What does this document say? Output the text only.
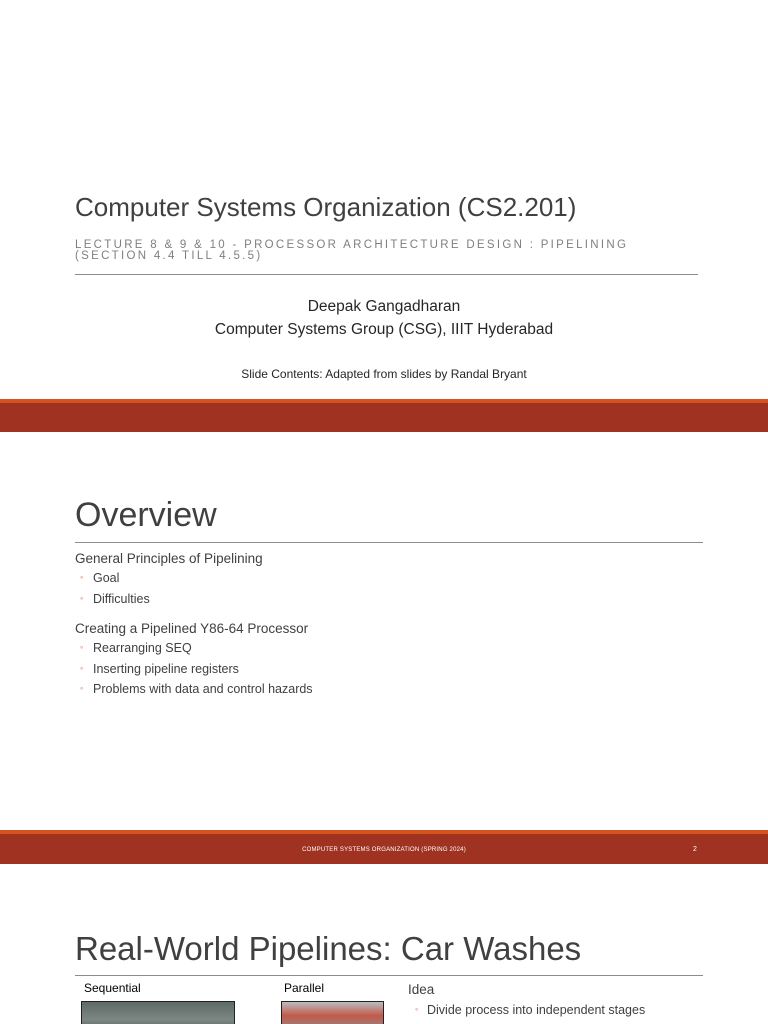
Computer Systems Organization (CS2.201)
LECTURE 8 & 9 & 10 - PROCESSOR ARCHITECTURE DESIGN : PIPELINING (SECTION 4.4 TILL 4.5.5)
Deepak Gangadharan
Computer Systems Group (CSG), IIIT Hyderabad
Slide Contents: Adapted from slides by Randal Bryant
Overview
General Principles of Pipelining
◦ Goal
◦ Difficulties
Creating a Pipelined Y86-64 Processor
◦ Rearranging SEQ
◦ Inserting pipeline registers
◦ Problems with data and control hazards
COMPUTER SYSTEMS ORGANIZATION (SPRING 2024)	2
Real-World Pipelines: Car Washes
Sequential	Parallel	Idea
◦ Divide process into independent stages
